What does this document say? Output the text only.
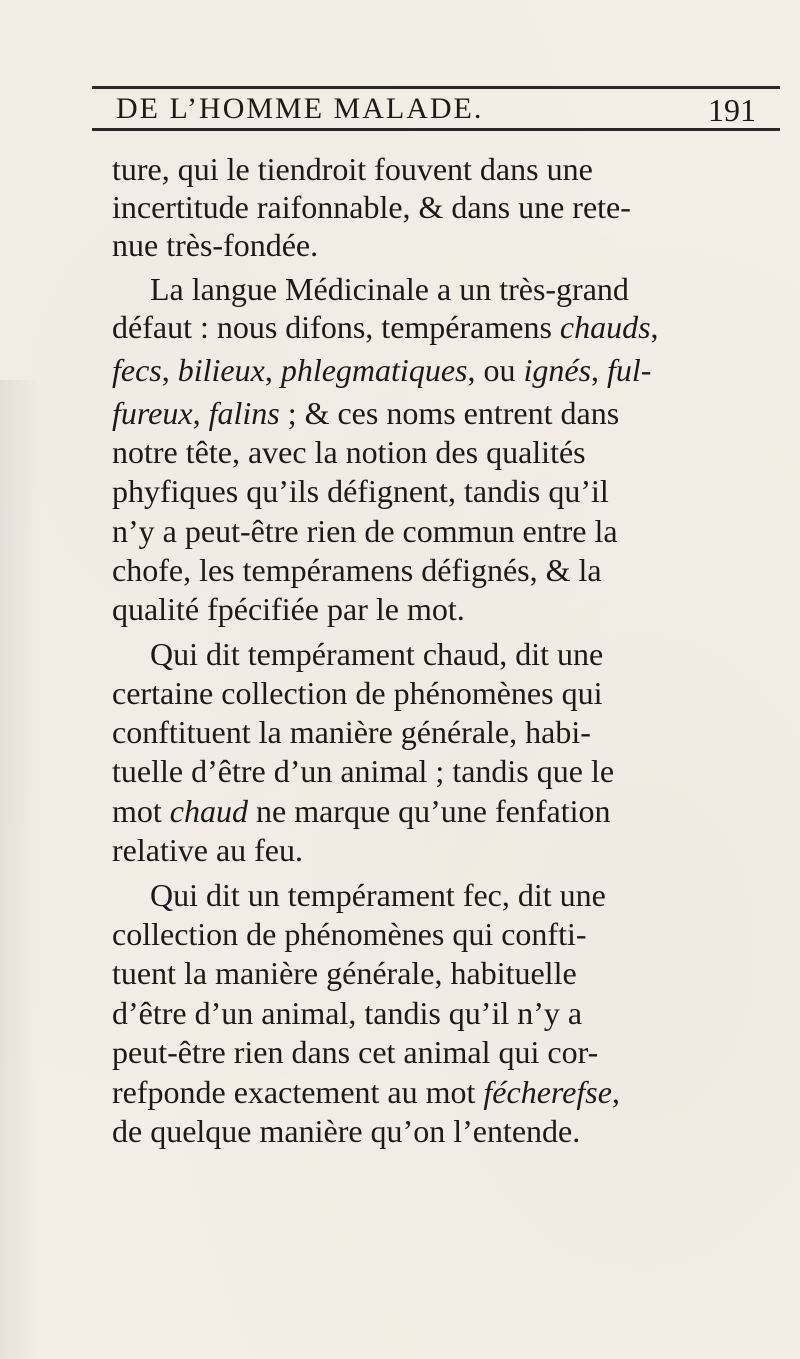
DE L’HOMME MALADE.	191
ture, qui le tiendroit fouvent dans une
incertitude raifonnable, & dans une rete-
nue très-fondée.
La langue Médicinale a un très-grand
défaut : nous difons, tempéramens chauds,
fecs, bilieux, phlegmatiques, ou ignés, ful-
fureux, falins ; & ces noms entrent dans
notre tête, avec la notion des qualités
phyfiques qu’ils défignent, tandis qu’il
n’y a peut-être rien de commun entre la
chofe, les tempéramens défignés, & la
qualité fpécifiée par le mot.
Qui dit tempérament chaud, dit une
certaine collection de phénomènes qui
conftituent la manière générale, habi-
tuelle d’être d’un animal ; tandis que le
mot chaud ne marque qu’une fenfation
relative au feu.
Qui dit un tempérament fec, dit une
collection de phénomènes qui confti-
tuent la manière générale, habituelle
d’être d’un animal, tandis qu’il n’y a
peut-être rien dans cet animal qui cor-
refponde exactement au mot fécherefse,
de quelque manière qu’on l’entende.
